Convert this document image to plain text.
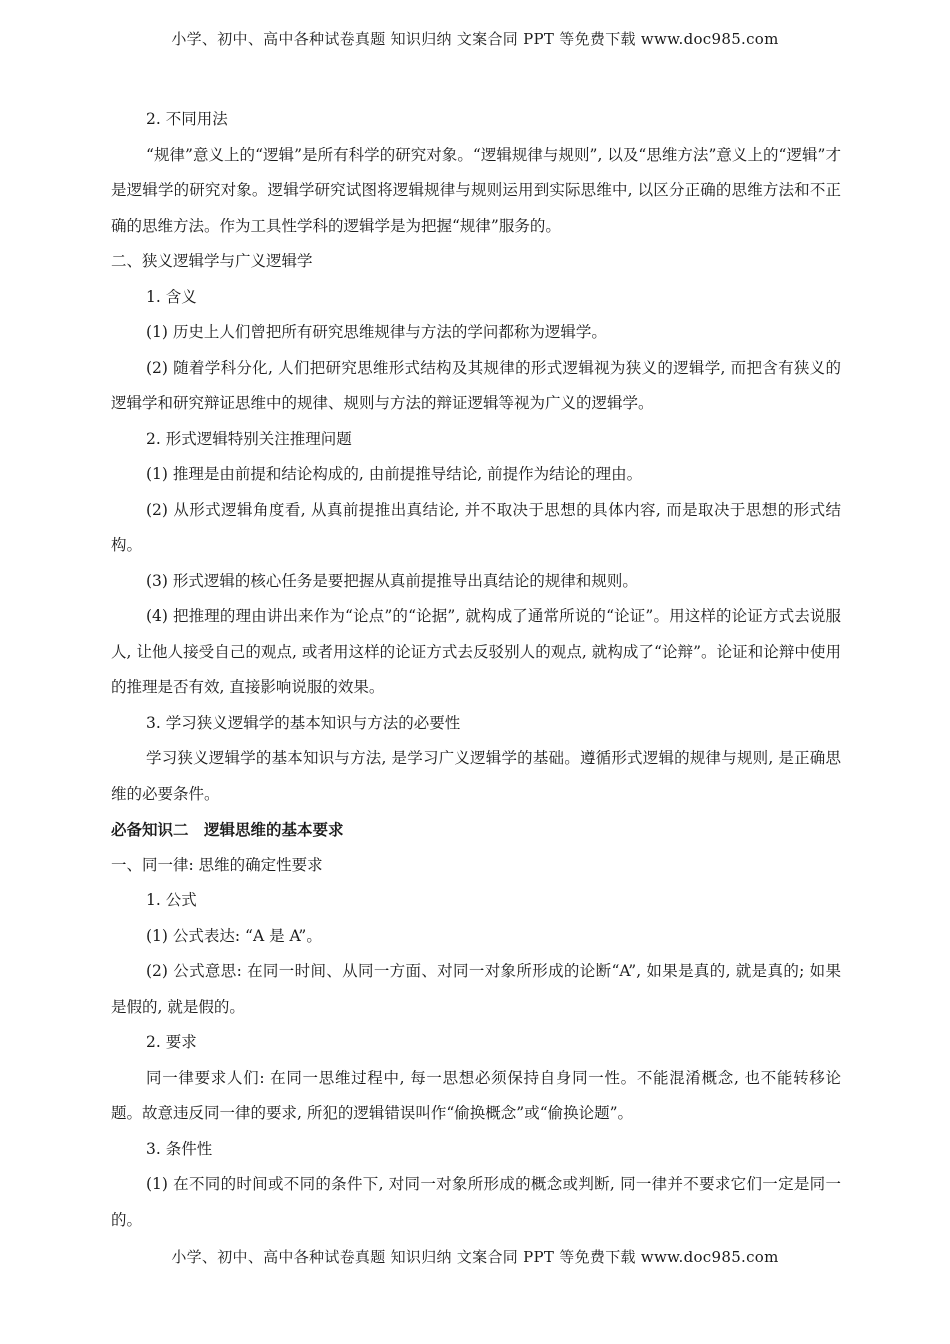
小学、初中、高中各种试卷真题 知识归纳 文案合同 PPT 等免费下载 www.doc985.com

2. 不同用法

“规律”意义上的“逻辑”是所有科学的研究对象。“逻辑规律与规则”, 以及“思维方法”意义上的“逻辑”才是逻辑学的研究对象。逻辑学研究试图将逻辑规律与规则运用到实际思维中, 以区分正确的思维方法和不正确的思维方法。作为工具性学科的逻辑学是为把握“规律”服务的。

二、狭义逻辑学与广义逻辑学

1. 含义

(1) 历史上人们曾把所有研究思维规律与方法的学问都称为逻辑学。

(2) 随着学科分化, 人们把研究思维形式结构及其规律的形式逻辑视为狭义的逻辑学, 而把含有狭义的逻辑学和研究辩证思维中的规律、规则与方法的辩证逻辑等视为广义的逻辑学。

2. 形式逻辑特别关注推理问题

(1) 推理是由前提和结论构成的, 由前提推导结论, 前提作为结论的理由。

(2) 从形式逻辑角度看, 从真前提推出真结论, 并不取决于思想的具体内容, 而是取决于思想的形式结构。

(3) 形式逻辑的核心任务是要把握从真前提推导出真结论的规律和规则。

(4) 把推理的理由讲出来作为“论点”的“论据”, 就构成了通常所说的“论证”。用这样的论证方式去说服人, 让他人接受自己的观点, 或者用这样的论证方式去反驳别人的观点, 就构成了“论辩”。论证和论辩中使用的推理是否有效, 直接影响说服的效果。

3. 学习狭义逻辑学的基本知识与方法的必要性

学习狭义逻辑学的基本知识与方法, 是学习广义逻辑学的基础。遵循形式逻辑的规律与规则, 是正确思维的必要条件。

必备知识二　逻辑思维的基本要求

一、同一律: 思维的确定性要求

1. 公式

(1) 公式表达: “A 是 A”。

(2) 公式意思: 在同一时间、从同一方面、对同一对象所形成的论断“A”, 如果是真的, 就是真的; 如果是假的, 就是假的。

2. 要求

同一律要求人们: 在同一思维过程中, 每一思想必须保持自身同一性。不能混淆概念, 也不能转移论题。故意违反同一律的要求, 所犯的逻辑错误叫作“偷换概念”或“偷换论题”。

3. 条件性

(1) 在不同的时间或不同的条件下, 对同一对象所形成的概念或判断, 同一律并不要求它们一定是同一的。

小学、初中、高中各种试卷真题 知识归纳 文案合同 PPT 等免费下载 www.doc985.com
